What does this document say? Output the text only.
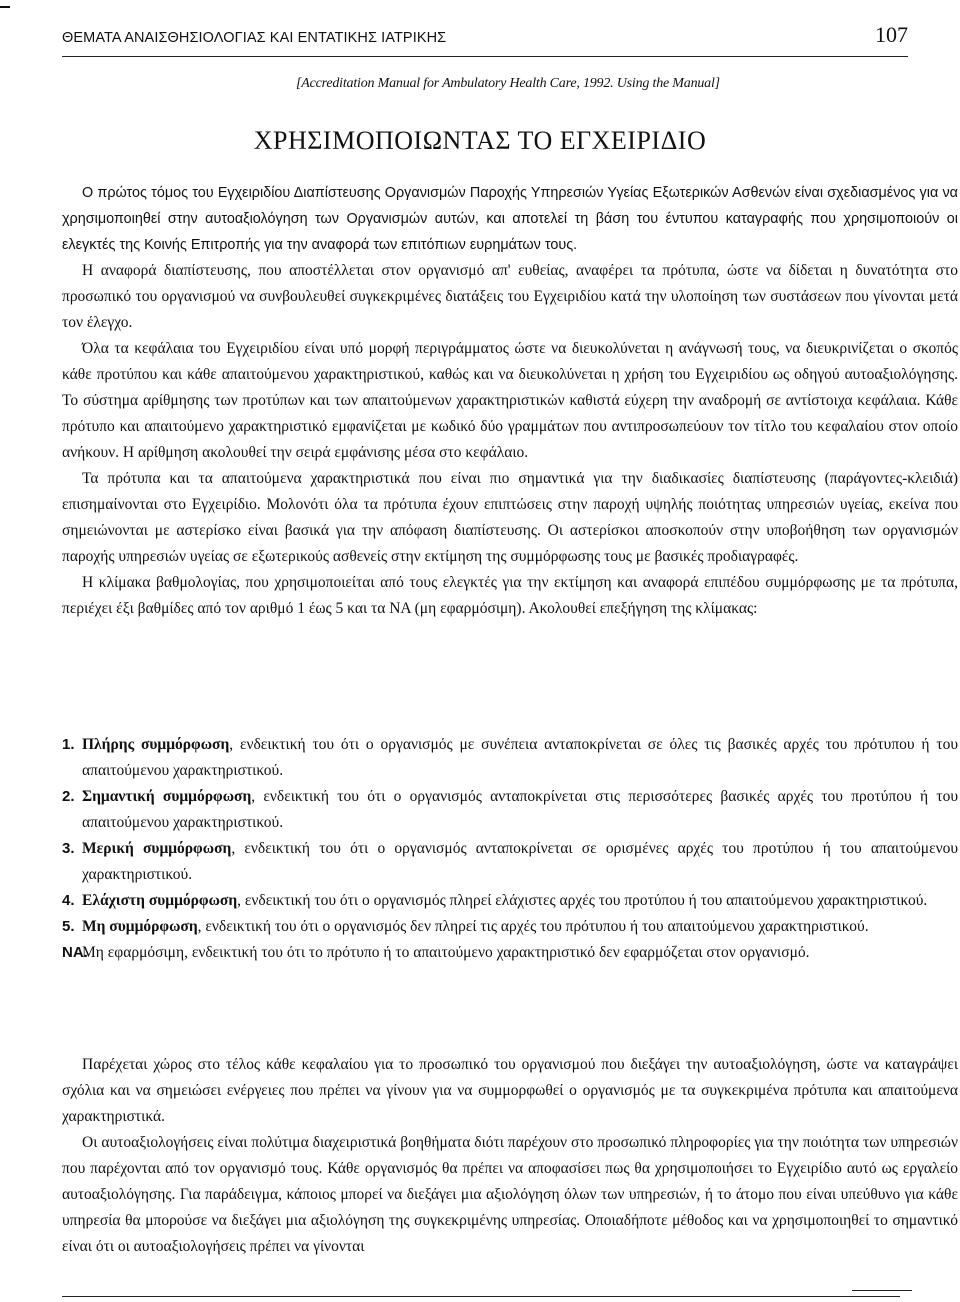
ΘΕΜΑΤΑ ΑΝΑΙΣΘΗΣΙΟΛΟΓΙΑΣ ΚΑΙ ΕΝΤΑΤΙΚΗΣ ΙΑΤΡΙΚΗΣ	107
[Accreditation Manual for Ambulatory Health Care, 1992. Using the Manual]
ΧΡΗΣΙΜΟΠΟΙΩΝΤΑΣ ΤΟ ΕΓΧΕΙΡΙΔΙΟ

Ο πρώτος τόμος του Εγχειριδίου Διαπίστευσης Οργανισμών Παροχής Υπηρεσιών Υγείας Εξωτερικών Ασθενών είναι σχεδιασμένος για να χρησιμοποιηθεί στην αυτοαξιολόγηση των Οργανισμών αυτών, και αποτελεί τη βάση του έντυπου καταγραφής που χρησιμοποιούν οι ελεγκτές της Κοινής Επιτροπής για την αναφορά των επιτόπιων ευρημάτων τους.

Η αναφορά διαπίστευσης, που αποστέλλεται στον οργανισμό απ' ευθείας, αναφέρει τα πρότυπα, ώστε να δίδεται η δυνατότητα στο προσωπικό του οργανισμού να συνβουλευθεί συγκεκριμένες διατάξεις του Εγχειριδίου κατά την υλοποίηση των συστάσεων που γίνονται μετά τον έλεγχο.

Όλα τα κεφάλαια του Εγχειριδίου είναι υπό μορφή περιγράμματος ώστε να διευκολύνεται η ανάγνωσή τους, να διευκρινίζεται ο σκοπός κάθε προτύπου και κάθε απαιτούμενου χαρακτηριστικού, καθώς και να διευκολύνεται η χρήση του Εγχειριδίου ως οδηγού αυτοαξιολόγησης. Το σύστημα αρίθμησης των προτύπων και των απαιτούμενων χαρακτηριστικών καθιστά εύχερη την αναδρομή σε αντίστοιχα κεφάλαια. Κάθε πρότυπο και απαιτούμενο χαρακτηριστικό εμφανίζεται με κωδικό δύο γραμμάτων που αντιπροσωπεύουν τον τίτλο του κεφαλαίου στον οποίο ανήκουν. Η αρίθμηση ακολουθεί την σειρά εμφάνισης μέσα στο κεφάλαιο.

Τα πρότυπα και τα απαιτούμενα χαρακτηριστικά που είναι πιο σημαντικά για την διαδικασίες διαπίστευσης (παράγοντες-κλειδιά) επισημαίνονται στο Εγχειρίδιο. Μολονότι όλα τα πρότυπα έχουν επιπτώσεις στην παροχή υψηλής ποιότητας υπηρεσιών υγείας, εκείνα που σημειώνονται με αστερίσκο είναι βασικά για την απόφαση διαπίστευσης. Οι αστερίσκοι αποσκοπούν στην υποβοήθηση των οργανισμών παροχής υπηρεσιών υγείας σε εξωτερικούς ασθενείς στην εκτίμηση της συμμόρφωσης τους με βασικές προδιαγραφές.

Η κλίμακα βαθμολογίας, που χρησιμοποιείται από τους ελεγκτές για την εκτίμηση και αναφορά επιπέδου συμμόρφωσης με τα πρότυπα, περιέχει έξι βαθμίδες από τον αριθμό 1 έως 5 και τα ΝΑ (μη εφαρμόσιμη). Ακολουθεί επεξήγηση της κλίμακας:

1. Πλήρης συμμόρφωση, ενδεικτική του ότι ο οργανισμός με συνέπεια ανταποκρίνεται σε όλες τις βασικές αρχές του πρότυπου ή του απαιτούμενου χαρακτηριστικού.
2. Σημαντική συμμόρφωση, ενδεικτική του ότι ο οργανισμός ανταποκρίνεται στις περισσότερες βασικές αρχές του προτύπου ή του απαιτούμενου χαρακτηριστικού.
3. Μερική συμμόρφωση, ενδεικτική του ότι ο οργανισμός ανταποκρίνεται σε ορισμένες αρχές του προτύπου ή του απαιτούμενου χαρακτηριστικού.
4. Ελάχιστη συμμόρφωση, ενδεικτική του ότι ο οργανισμός πληρεί ελάχιστες αρχές του προτύπου ή του απαιτούμενου χαρακτηριστικού.
5. Μη συμμόρφωση, ενδεικτική του ότι ο οργανισμός δεν πληρεί τις αρχές του πρότυπου ή του απαιτούμενου χαρακτηριστικού.
ΝΑ.
Μη εφαρμόσιμη, ενδεικτική του ότι το πρότυπο ή το απαιτούμενο χαρακτηριστικό δεν εφαρμόζεται στον οργανισμό.

Παρέχεται χώρος στο τέλος κάθε κεφαλαίου για το προσωπικό του οργανισμού που διεξάγει την αυτοαξιολόγηση, ώστε να καταγράψει σχόλια και να σημειώσει ενέργειες που πρέπει να γίνουν για να συμμορφωθεί ο οργανισμός με τα συγκεκριμένα πρότυπα και απαιτούμενα χαρακτηριστικά.

Οι αυτοαξιολογήσεις είναι πολύτιμα διαχειριστικά βοηθήματα διότι παρέχουν στο προσωπικό πληροφορίες για την ποιότητα των υπηρεσιών που παρέχονται από τον οργανισμό τους. Κάθε οργανισμός θα πρέπει να αποφασίσει πως θα χρησιμοποιήσει το Εγχειρίδιο αυτό ως εργαλείο αυτοαξιολόγησης. Για παράδειγμα, κάποιος μπορεί να διεξάγει μια αξιολόγηση όλων των υπηρεσιών, ή το άτομο που είναι υπεύθυνο για κάθε υπηρεσία θα μπορούσε να διεξάγει μια αξιολόγηση της συγκεκριμένης υπηρεσίας. Οποιαδήποτε μέθοδος και να χρησιμοποιηθεί το σημαντικό είναι ότι οι αυτοαξιολογήσεις πρέπει να γίνονται
